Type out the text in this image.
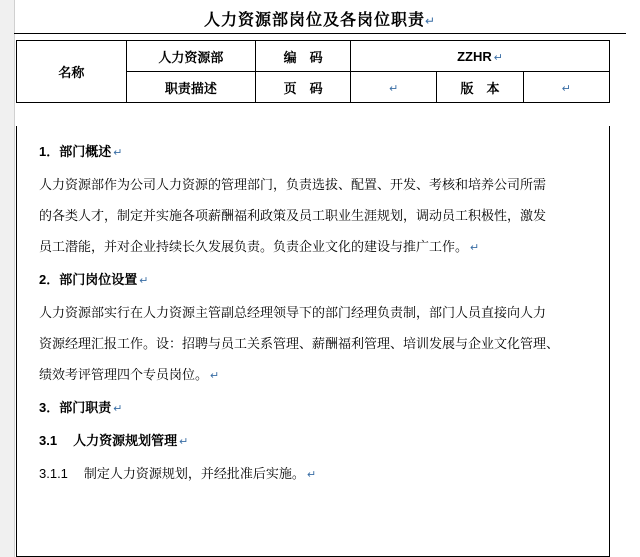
人力资源部岗位及各岗位职责↵
名称	人力资源部	编　码	ZZHR ↵		
	职责描述	页　码	↵	版　本	↵

1．部门概述 ↵

人力资源部作为公司人力资源的管理部门，负责选拔、配置、开发、考核和培养公司所需

的各类人才，制定并实施各项薪酬福利政策及员工职业生涯规划，调动员工积极性，激发

员工潜能，并对企业持续长久发展负责。负责企业文化的建设与推广工作。 ↵

2．部门岗位设置 ↵

人力资源部实行在人力资源主管副总经理领导下的部门经理负责制，部门人员直接向人力

资源经理汇报工作。设：招聘与员工关系管理、薪酬福利管理、培训发展与企业文化管理、

绩效考评管理四个专员岗位。 ↵

3．部门职责 ↵

3.1 人力资源规划管理 ↵

3.1.1 制定人力资源规划，并经批准后实施。 ↵
